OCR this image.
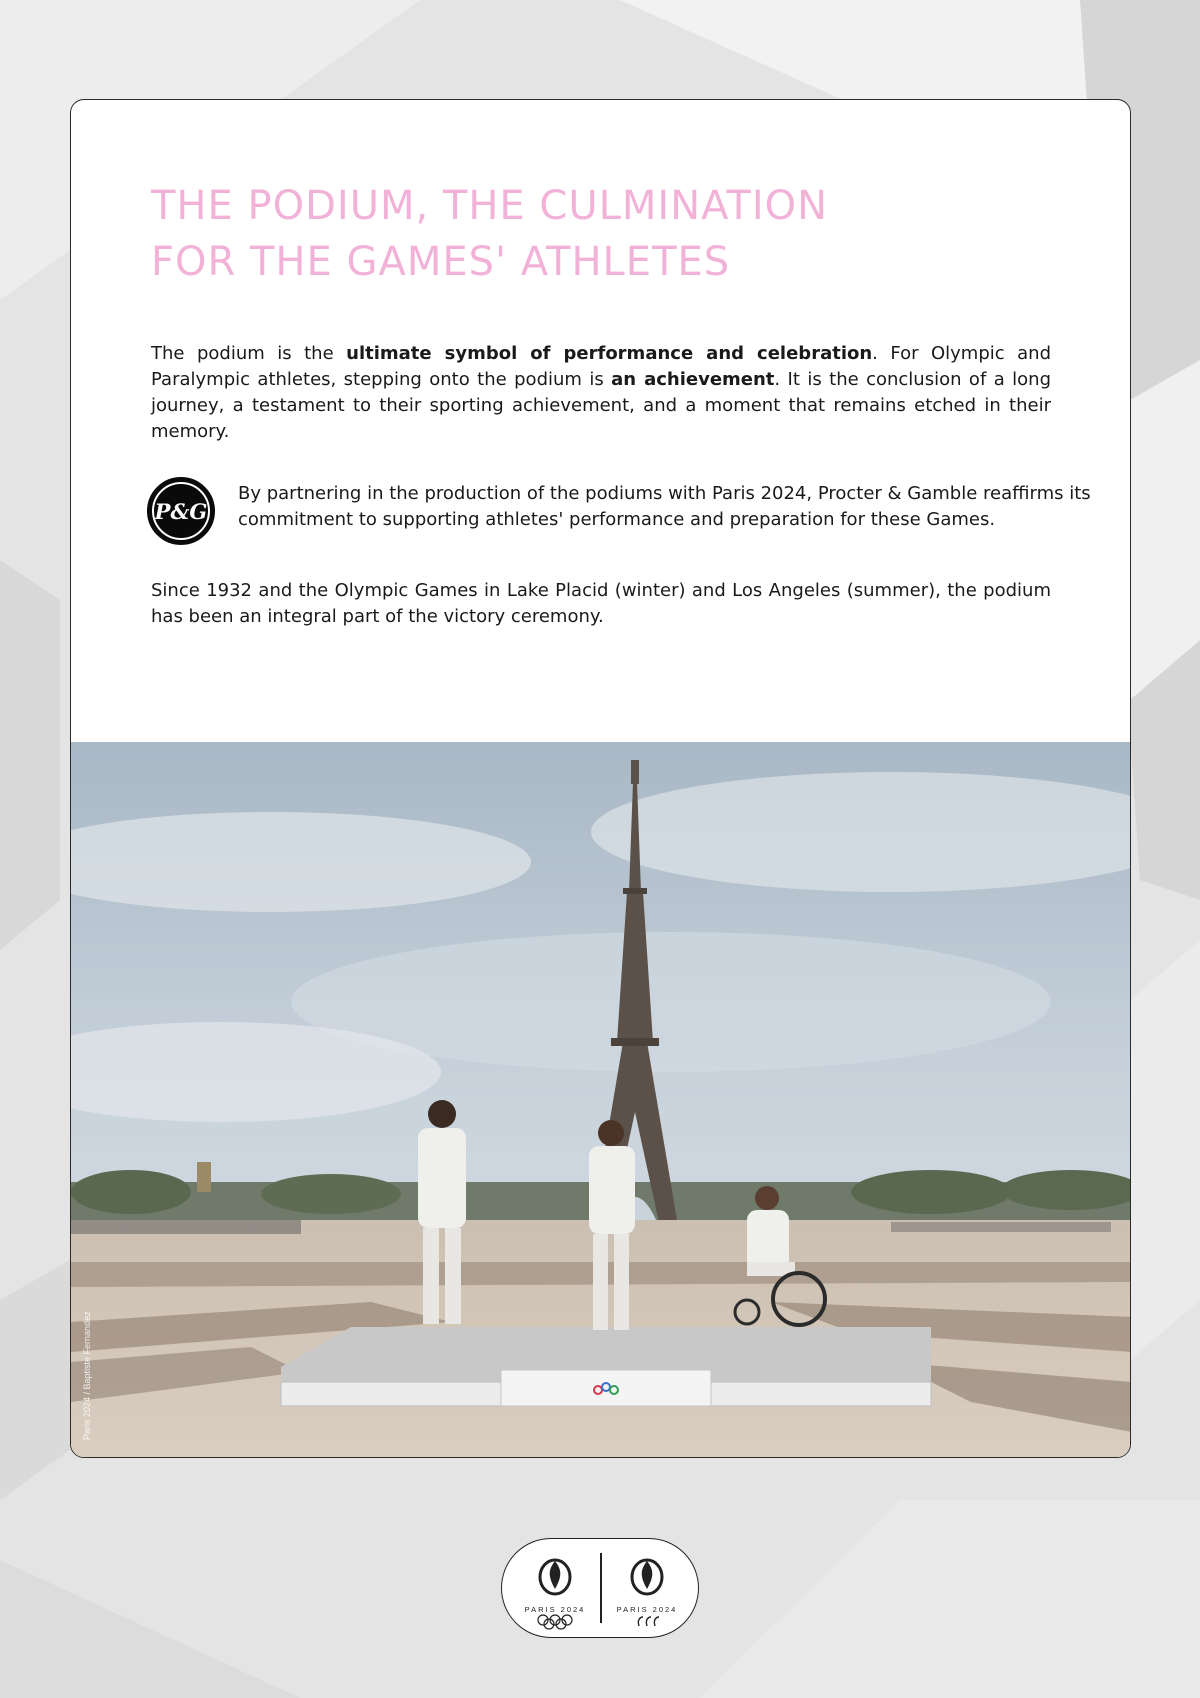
THE PODIUM, THE CULMINATION
FOR THE GAMES' ATHLETES

The podium is the ultimate symbol of performance and celebration. For Olympic and Paralympic athletes, stepping onto the podium is an achievement. It is the conclusion of a long journey, a testament to their sporting achievement, and a moment that remains etched in their memory.

P&G

By partnering in the production of the podiums with Paris 2024, Procter & Gamble reaffirms its commitment to supporting athletes' performance and preparation for these Games.

Since 1932 and the Olympic Games in Lake Placid (winter) and Los Angeles (summer), the podium has been an integral part of the victory ceremony.

Paris 2024 / Baptiste Fernandez
PARIS 2024	PARIS 2024
